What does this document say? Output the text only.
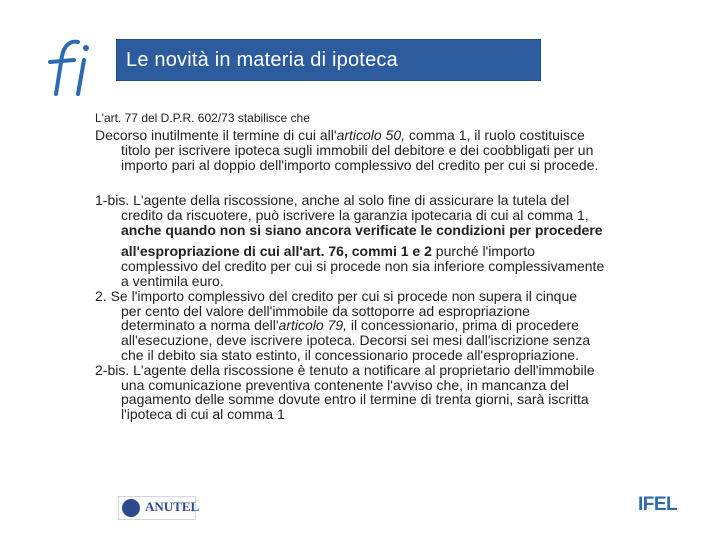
Le novità in materia di ipoteca
L'art. 77 del D.P.R. 602/73 stabilisce che
Decorso inutilmente il termine di cui all'articolo 50, comma 1, il ruolo costituisce
titolo per iscrivere ipoteca sugli immobili del debitore e dei coobbligati per un
importo pari al doppio dell'importo complessivo del credito per cui si procede.
1-bis. L'agente della riscossione, anche al solo fine di assicurare la tutela del
credito da riscuotere, può iscrivere la garanzia ipotecaria di cui al comma 1,
anche quando non si siano ancora verificate le condizioni per procedere
all'espropriazione di cui all'art. 76, commi 1 e 2 purché l'importo
complessivo del credito per cui si procede non sia inferiore complessivamente
a ventimila euro.
2. Se l'importo complessivo del credito per cui si procede non supera il cinque
per cento del valore dell'immobile da sottoporre ad espropriazione
determinato a norma dell'articolo 79, il concessionario, prima di procedere
all'esecuzione, deve iscrivere ipoteca. Decorsi sei mesi dall'iscrizione senza
che il debito sia stato estinto, il concessionario procede all'espropriazione.
2-bis. L'agente della riscossione è tenuto a notificare al proprietario dell'immobile
una comunicazione preventiva contenente l'avviso che, in mancanza del
pagamento delle somme dovute entro il termine di trenta giorni, sarà iscritta
l'ipoteca di cui al comma 1
ANUTEL	IFEL
